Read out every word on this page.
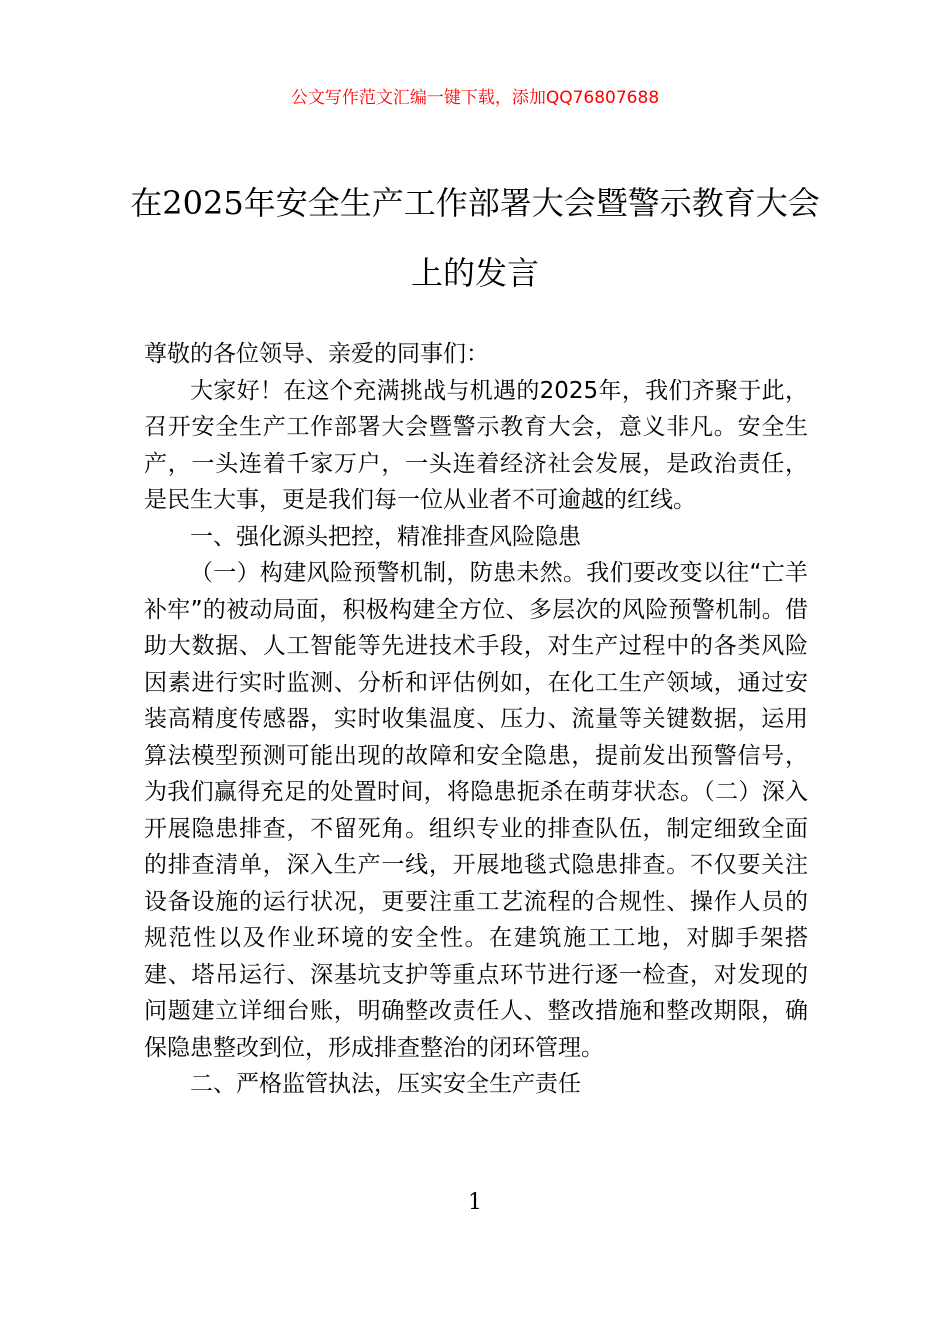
公文写作范文汇编一键下载，添加QQ76807688
在2025年安全生产工作部署大会暨警示教育大会上的发言

尊敬的各位领导、亲爱的同事们：

大家好！在这个充满挑战与机遇的2025年，我们齐聚于此，召开安全生产工作部署大会暨警示教育大会，意义非凡。安全生产，一头连着千家万户，一头连着经济社会发展，是政治责任，是民生大事，更是我们每一位从业者不可逾越的红线。

一、强化源头把控，精准排查风险隐患

（一）构建风险预警机制，防患未然。我们要改变以往“亡羊补牢”的被动局面，积极构建全方位、多层次的风险预警机制。借助大数据、人工智能等先进技术手段，对生产过程中的各类风险因素进行实时监测、分析和评估例如，在化工生产领域，通过安装高精度传感器，实时收集温度、压力、流量等关键数据，运用算法模型预测可能出现的故障和安全隐患，提前发出预警信号，为我们赢得充足的处置时间，将隐患扼杀在萌芽状态。（二）深入开展隐患排查，不留死角。组织专业的排查队伍，制定细致全面的排查清单，深入生产一线，开展地毯式隐患排查。不仅要关注设备设施的运行状况，更要注重工艺流程的合规性、操作人员的规范性以及作业环境的安全性。在建筑施工工地，对脚手架搭建、塔吊运行、深基坑支护等重点环节进行逐一检查，对发现的问题建立详细台账，明确整改责任人、整改措施和整改期限，确保隐患整改到位，形成排查整治的闭环管理。

二、严格监管执法，压实安全生产责任

1
